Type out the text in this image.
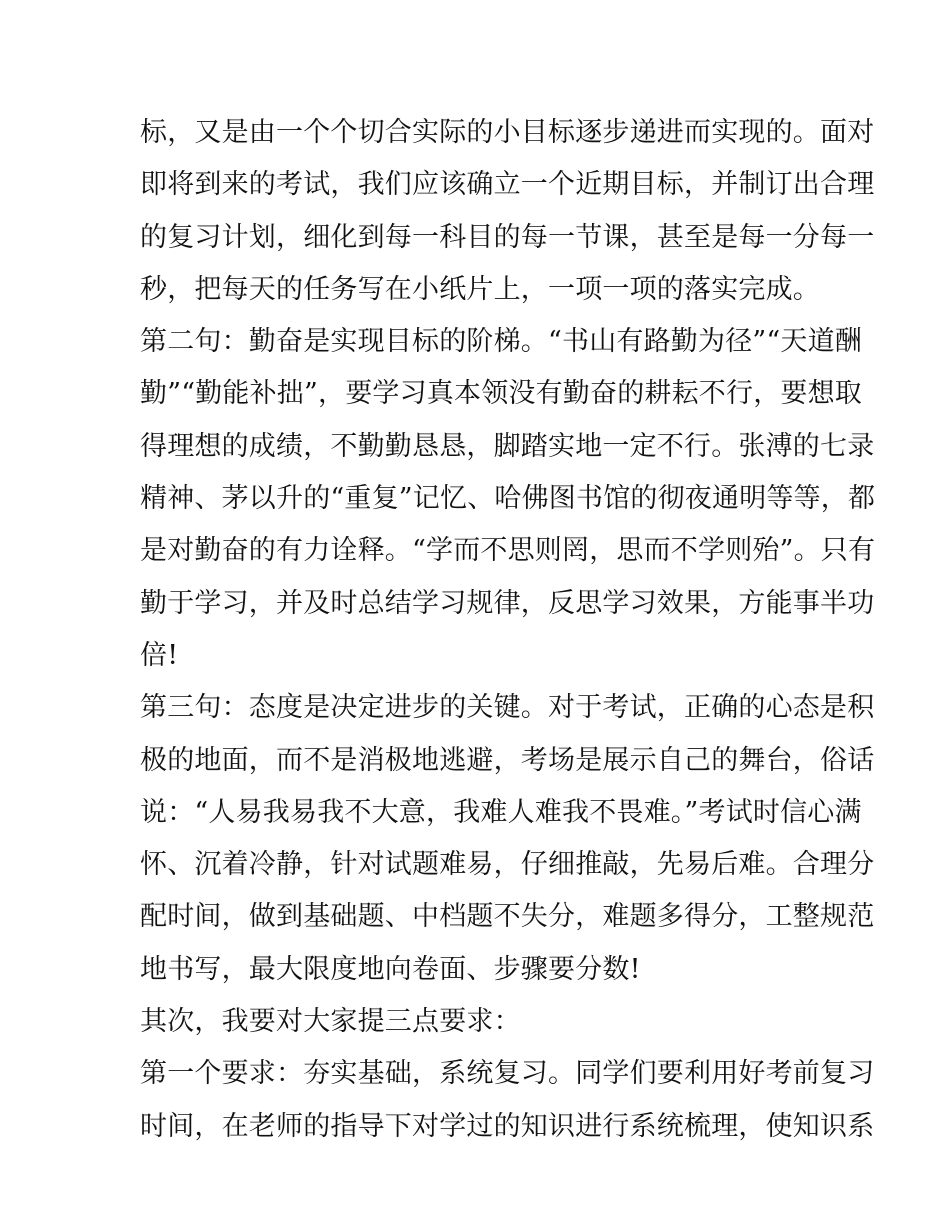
标，又是由一个个切合实际的小目标逐步递进而实现的。面对
即将到来的考试，我们应该确立一个近期目标，并制订出合理
的复习计划，细化到每一科目的每一节课，甚至是每一分每一
秒，把每天的任务写在小纸片上，一项一项的落实完成。
第二句：勤奋是实现目标的阶梯。“书山有路勤为径”“天道酬
勤”“勤能补拙”，要学习真本领没有勤奋的耕耘不行，要想取
得理想的成绩，不勤勤恳恳，脚踏实地一定不行。张溥的七录
精神、茅以升的“重复”记忆、哈佛图书馆的彻夜通明等等，都
是对勤奋的有力诠释。“学而不思则罔，思而不学则殆”。只有
勤于学习，并及时总结学习规律，反思学习效果，方能事半功
倍!
第三句：态度是决定进步的关键。对于考试，正确的心态是积
极的地面，而不是消极地逃避，考场是展示自己的舞台，俗话
说：“人易我易我不大意，我难人难我不畏难。”考试时信心满
怀、沉着冷静，针对试题难易，仔细推敲，先易后难。合理分
配时间，做到基础题、中档题不失分，难题多得分，工整规范
地书写，最大限度地向卷面、步骤要分数!
其次，我要对大家提三点要求：
第一个要求：夯实基础，系统复习。同学们要利用好考前复习
时间，在老师的指导下对学过的知识进行系统梳理，使知识系
